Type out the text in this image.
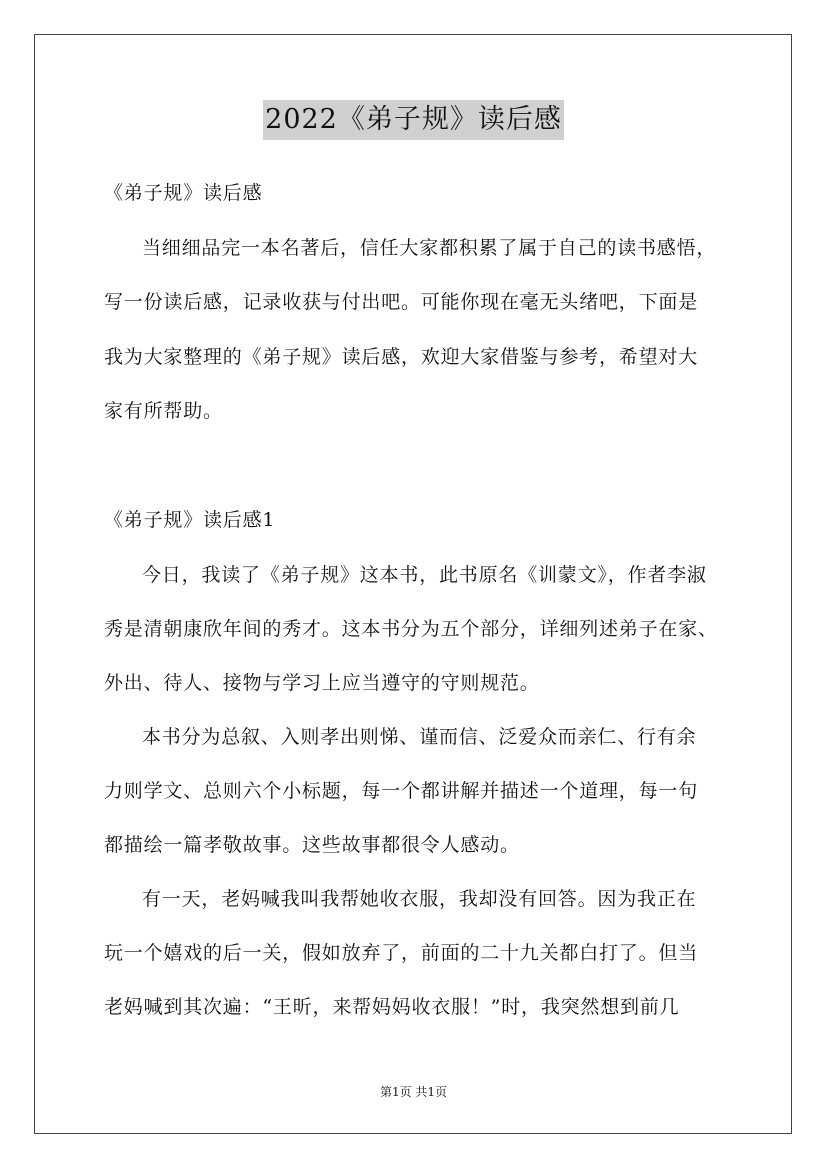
2022《弟子规》读后感
《弟子规》读后感
当细细品完一本名著后，信任大家都积累了属于自己的读书感悟，
写一份读后感，记录收获与付出吧。可能你现在毫无头绪吧，下面是
我为大家整理的《弟子规》读后感，欢迎大家借鉴与参考，希望对大
家有所帮助。
《弟子规》读后感1
今日，我读了《弟子规》这本书，此书原名《训蒙文》，作者李淑
秀是清朝康欣年间的秀才。这本书分为五个部分，详细列述弟子在家、
外出、待人、接物与学习上应当遵守的守则规范。
本书分为总叙、入则孝出则悌、谨而信、泛爱众而亲仁、行有余
力则学文、总则六个小标题，每一个都讲解并描述一个道理，每一句
都描绘一篇孝敬故事。这些故事都很令人感动。
有一天，老妈喊我叫我帮她收衣服，我却没有回答。因为我正在
玩一个嬉戏的后一关，假如放弃了，前面的二十九关都白打了。但当
老妈喊到其次遍：“王昕，来帮妈妈收衣服！”时，我突然想到前几
第1页 共1页
